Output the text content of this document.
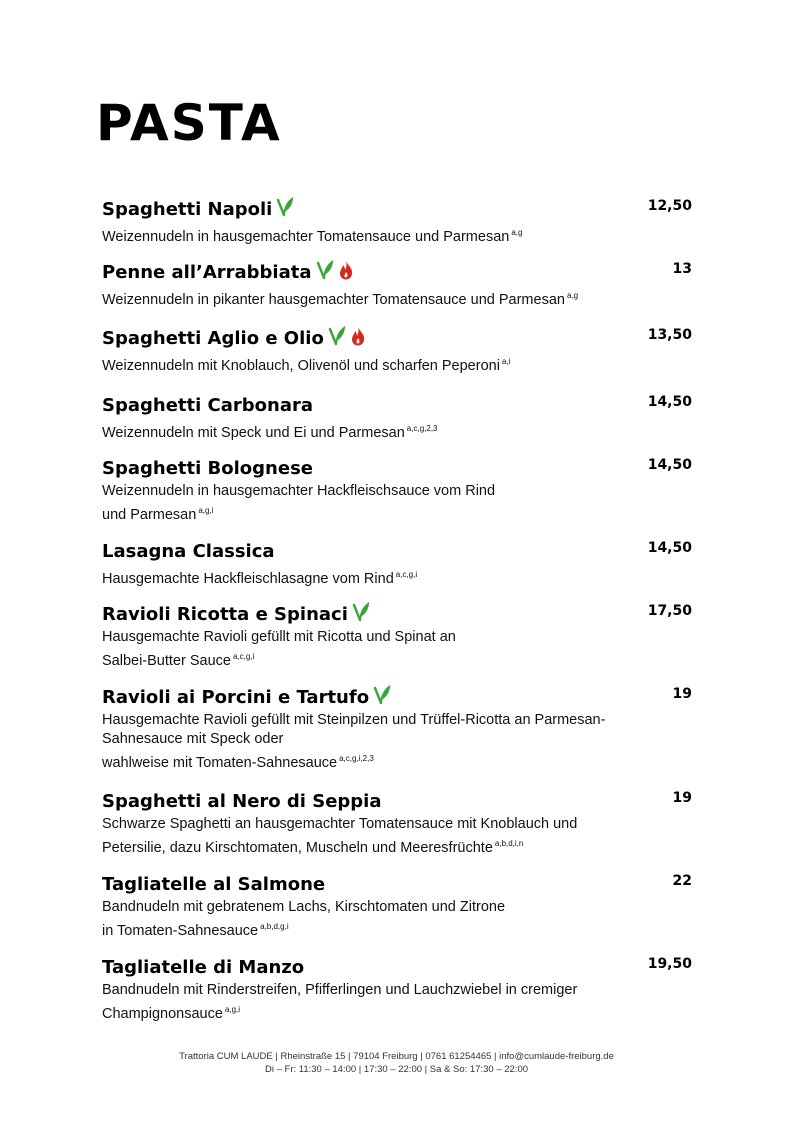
PASTA
Spaghetti Napoli	12,50
Weizennudeln in hausgemachter Tomatensauce und Parmesan $^{a,g}$
Penne all’Arrabbiata	13
Weizennudeln in pikanter hausgemachter Tomatensauce und Parmesan $^{a,g}$
Spaghetti Aglio e Olio	13,50
Weizennudeln mit Knoblauch, Olivenöl und scharfen Peperoni $^{a,i}$
Spaghetti Carbonara	14,50
Weizennudeln mit Speck und Ei und Parmesan $^{a,c,g,2,3}$
Spaghetti Bolognese	14,50
Weizennudeln in hausgemachter Hackfleischsauce vom Rind
und Parmesan $^{a,g,i}$
Lasagna Classica	14,50
Hausgemachte Hackfleischlasagne vom Rind $^{a,c,g,i}$
Ravioli Ricotta e Spinaci	17,50
Hausgemachte Ravioli gefüllt mit Ricotta und Spinat an
Salbei-Butter Sauce $^{a,c,g,i}$
Ravioli ai Porcini e Tartufo	19
Hausgemachte Ravioli gefüllt mit Steinpilzen und Trüffel-Ricotta an Parmesan-
Sahnesauce mit Speck oder
wahlweise mit Tomaten-Sahnesauce $^{a,c,g,i,2,3}$
Spaghetti al Nero di Seppia	19
Schwarze Spaghetti an hausgemachter Tomatensauce mit Knoblauch und
Petersilie, dazu Kirschtomaten, Muscheln und Meeresfrüchte $^{a,b,d,i,n}$
Tagliatelle al Salmone	22
Bandnudeln mit gebratenem Lachs, Kirschtomaten und Zitrone
in Tomaten-Sahnesauce $^{a,b,d,g,i}$
Tagliatelle di Manzo	19,50
Bandnudeln mit Rinderstreifen, Pfifferlingen und Lauchzwiebel in cremiger
Champignonsauce $^{a,g,i}$
Trattoria CUM LAUDE | Rheinstraße 15 | 79104 Freiburg | 0761 61254465 | info@cumlaude-freiburg.de
Di – Fr: 11:30 – 14:00 | 17:30 – 22:00 | Sa & So: 17:30 – 22:00
